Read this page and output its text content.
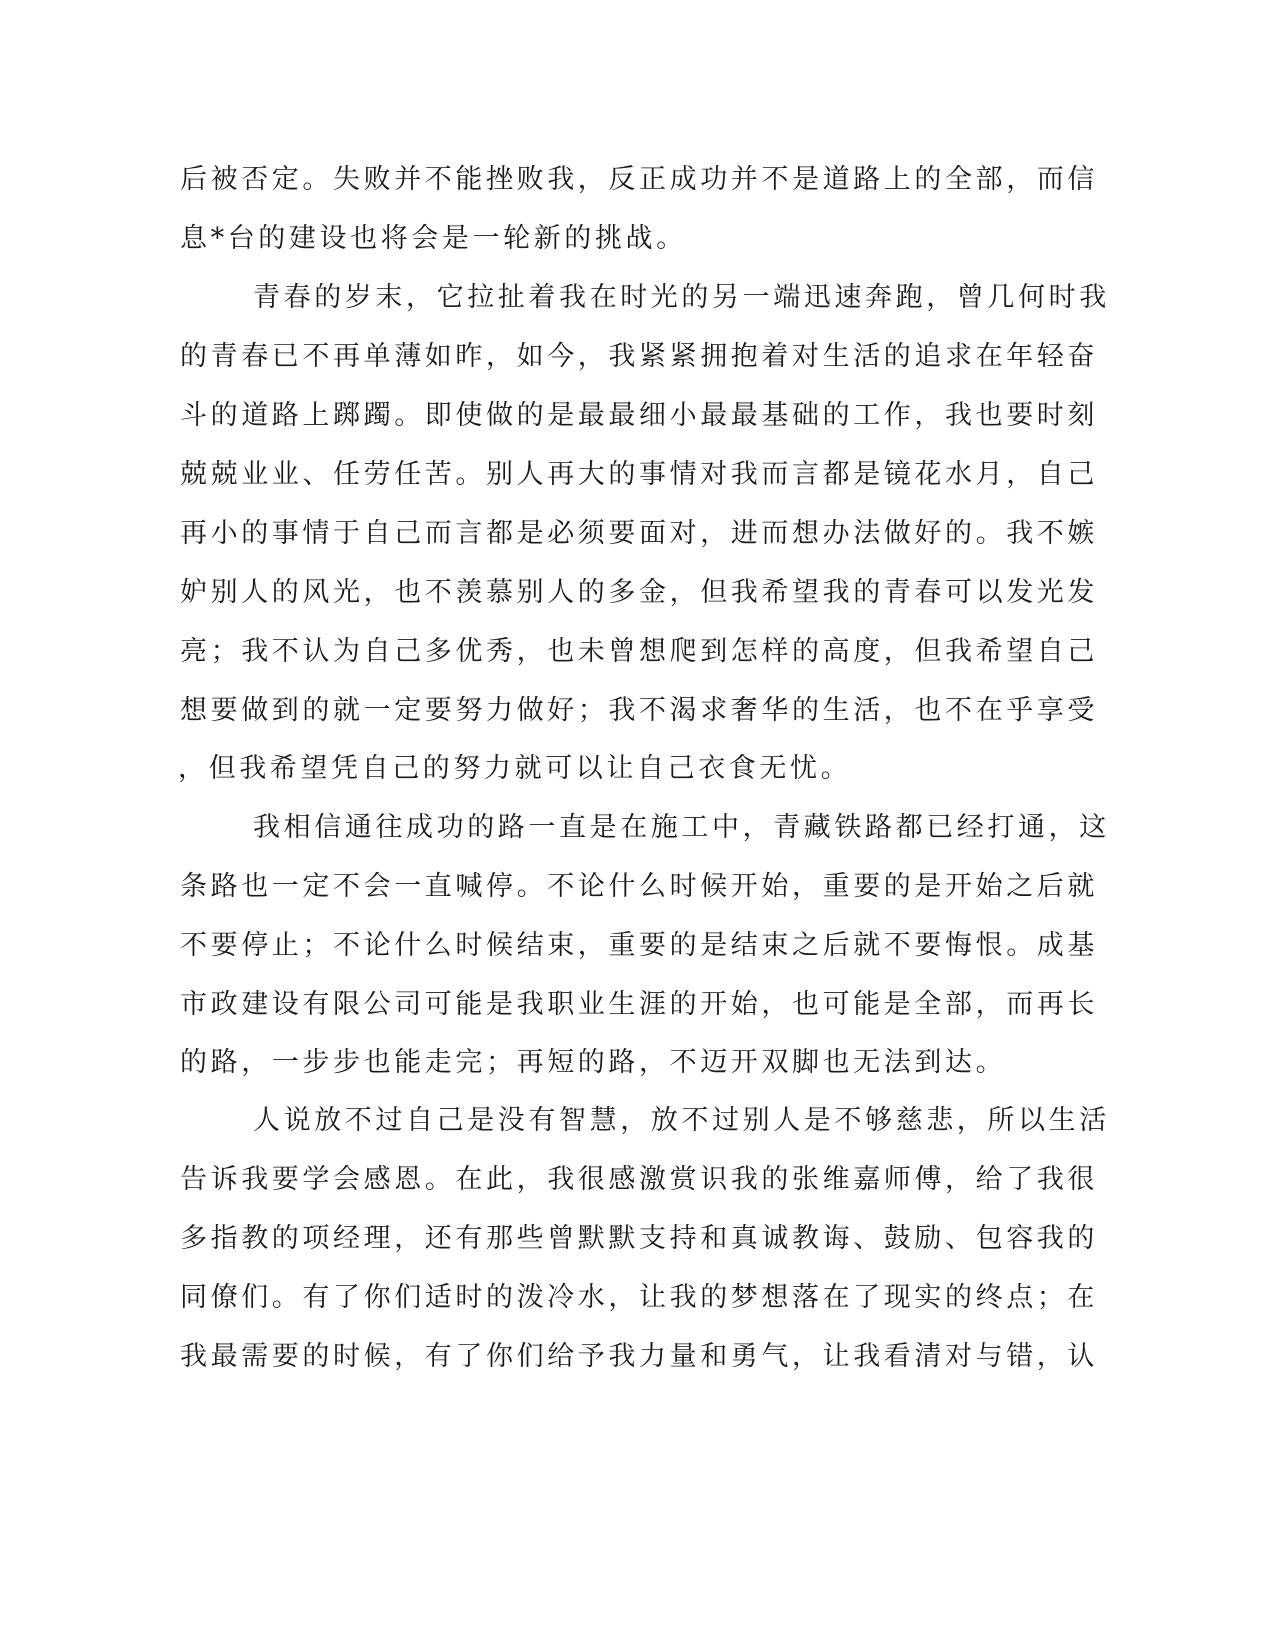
后被否定。失败并不能挫败我，反正成功并不是道路上的全部，而信
息*台的建设也将会是一轮新的挑战。
青春的岁末，它拉扯着我在时光的另一端迅速奔跑，曾几何时我
的青春已不再单薄如昨，如今，我紧紧拥抱着对生活的追求在年轻奋
斗的道路上踯躅。即使做的是最最细小最最基础的工作，我也要时刻
兢兢业业、任劳任苦。别人再大的事情对我而言都是镜花水月，自己
再小的事情于自己而言都是必须要面对，进而想办法做好的。我不嫉
妒别人的风光，也不羡慕别人的多金，但我希望我的青春可以发光发
亮；我不认为自己多优秀，也未曾想爬到怎样的高度，但我希望自己
想要做到的就一定要努力做好；我不渴求奢华的生活，也不在乎享受
，但我希望凭自己的努力就可以让自己衣食无忧。
我相信通往成功的路一直是在施工中，青藏铁路都已经打通，这
条路也一定不会一直喊停。不论什么时候开始，重要的是开始之后就
不要停止；不论什么时候结束，重要的是结束之后就不要悔恨。成基
市政建设有限公司可能是我职业生涯的开始，也可能是全部，而再长
的路，一步步也能走完；再短的路，不迈开双脚也无法到达。
人说放不过自己是没有智慧，放不过别人是不够慈悲，所以生活
告诉我要学会感恩。在此，我很感激赏识我的张维嘉师傅，给了我很
多指教的项经理，还有那些曾默默支持和真诚教诲、鼓励、包容我的
同僚们。有了你们适时的泼冷水，让我的梦想落在了现实的终点；在
我最需要的时候，有了你们给予我力量和勇气，让我看清对与错，认
